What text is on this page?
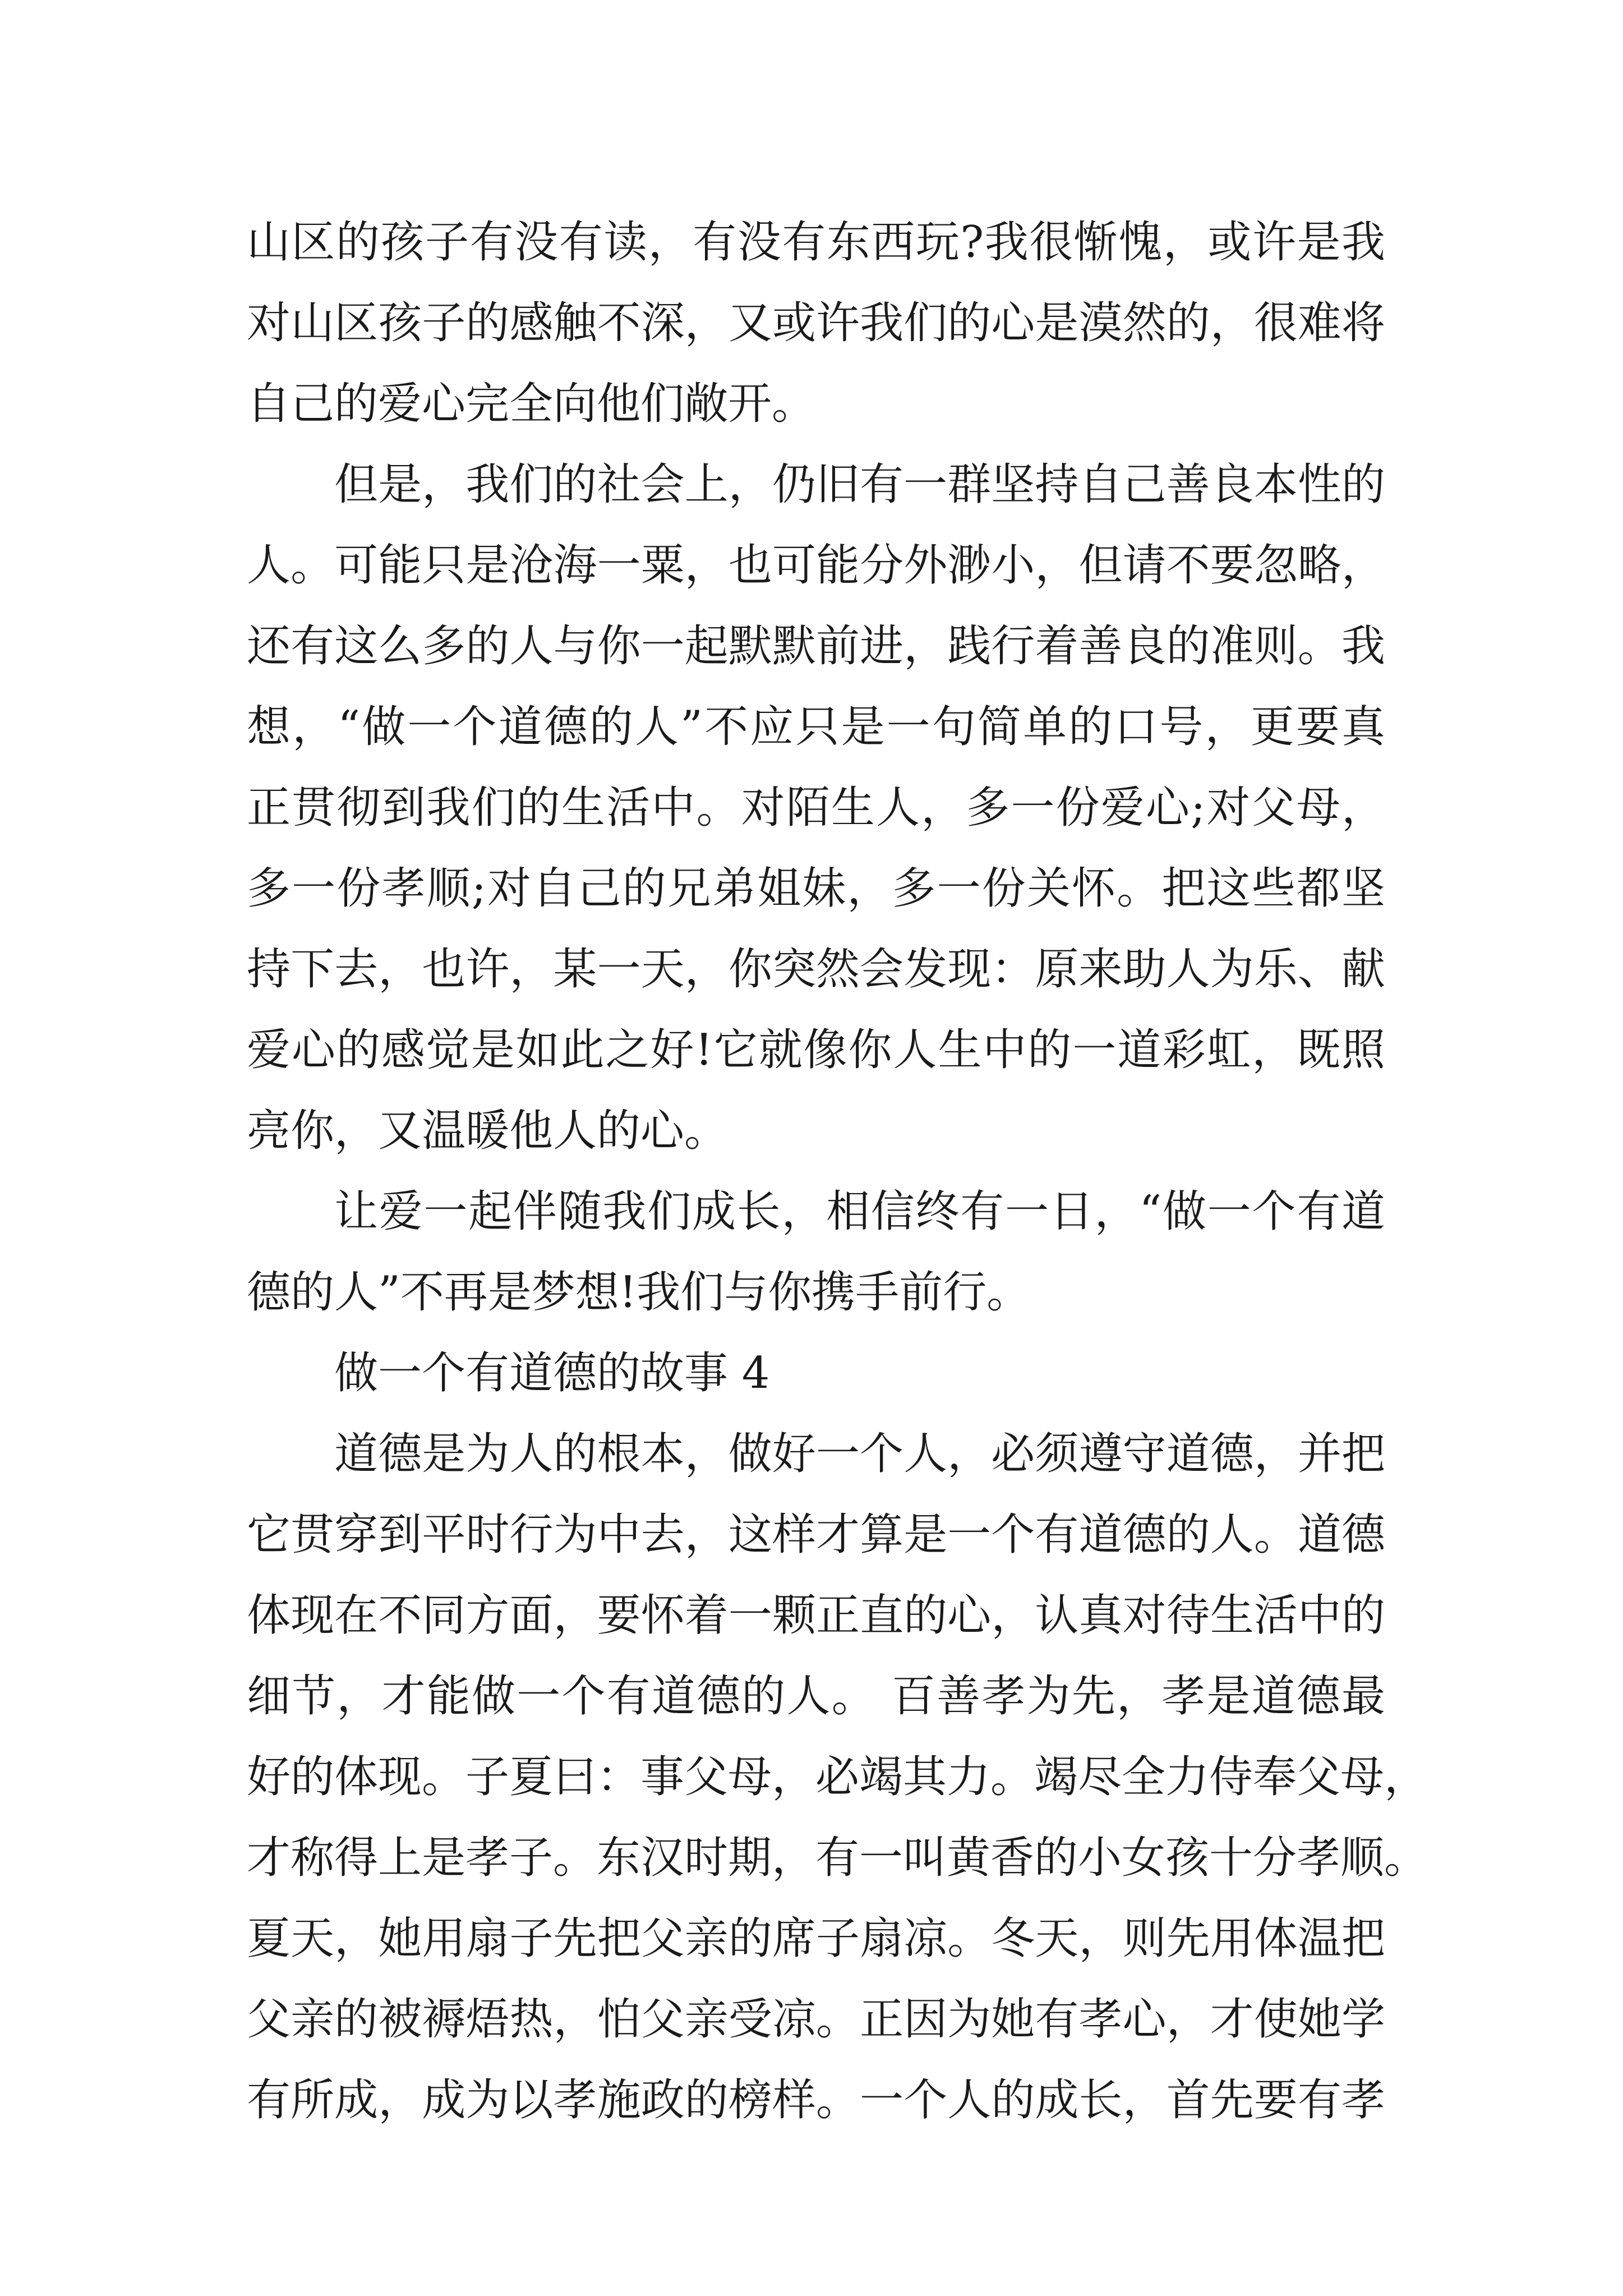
山区的孩子有没有读，有没有东西玩?我很惭愧，或许是我
对山区孩子的感触不深，又或许我们的心是漠然的，很难将
自己的爱心完全向他们敞开。
但是，我们的社会上，仍旧有一群坚持自己善良本性的
人。可能只是沧海一粟，也可能分外渺小，但请不要忽略，
还有这么多的人与你一起默默前进，践行着善良的准则。我
想，“做一个道德的人”不应只是一句简单的口号，更要真
正贯彻到我们的生活中。对陌生人，多一份爱心;对父母，
多一份孝顺;对自己的兄弟姐妹，多一份关怀。把这些都坚
持下去，也许，某一天，你突然会发现：原来助人为乐、献
爱心的感觉是如此之好!它就像你人生中的一道彩虹，既照
亮你，又温暖他人的心。
让爱一起伴随我们成长，相信终有一日，“做一个有道
德的人”不再是梦想!我们与你携手前行。
做一个有道德的故事 4
道德是为人的根本，做好一个人，必须遵守道德，并把
它贯穿到平时行为中去，这样才算是一个有道德的人。道德
体现在不同方面，要怀着一颗正直的心，认真对待生活中的
细节，才能做一个有道德的人。 百善孝为先，孝是道德最
好的体现。子夏曰：事父母，必竭其力。竭尽全力侍奉父母，
才称得上是孝子。东汉时期，有一叫黄香的小女孩十分孝顺。
夏天，她用扇子先把父亲的席子扇凉。冬天，则先用体温把
父亲的被褥焐热，怕父亲受凉。正因为她有孝心，才使她学
有所成，成为以孝施政的榜样。一个人的成长，首先要有孝
